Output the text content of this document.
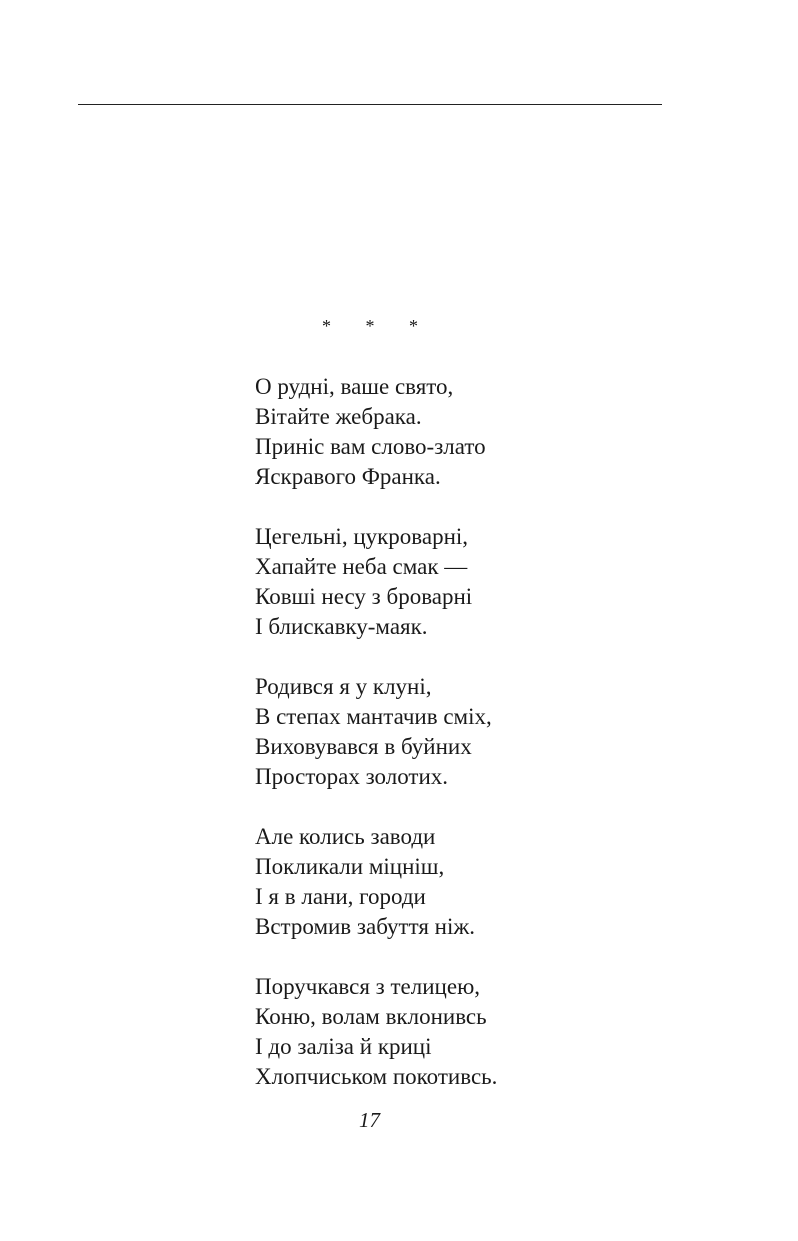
* * *
О рудні, ваше свято,
Вітайте жебрака.
Приніс вам слово-злато
Яскравого Франка.
Цегельні, цукроварні,
Хапайте неба смак —
Ковші несу з броварні
І блискавку-маяк.
Родився я у клуні,
В степах мантачив сміх,
Виховувався в буйних
Просторах золотих.
Але колись заводи
Покликали міцніш,
І я в лани, городи
Встромив забуття ніж.
Поручкався з телицею,
Коню, волам вклонивсь
І до заліза й криці
Хлопчиськом покотивсь.
17
